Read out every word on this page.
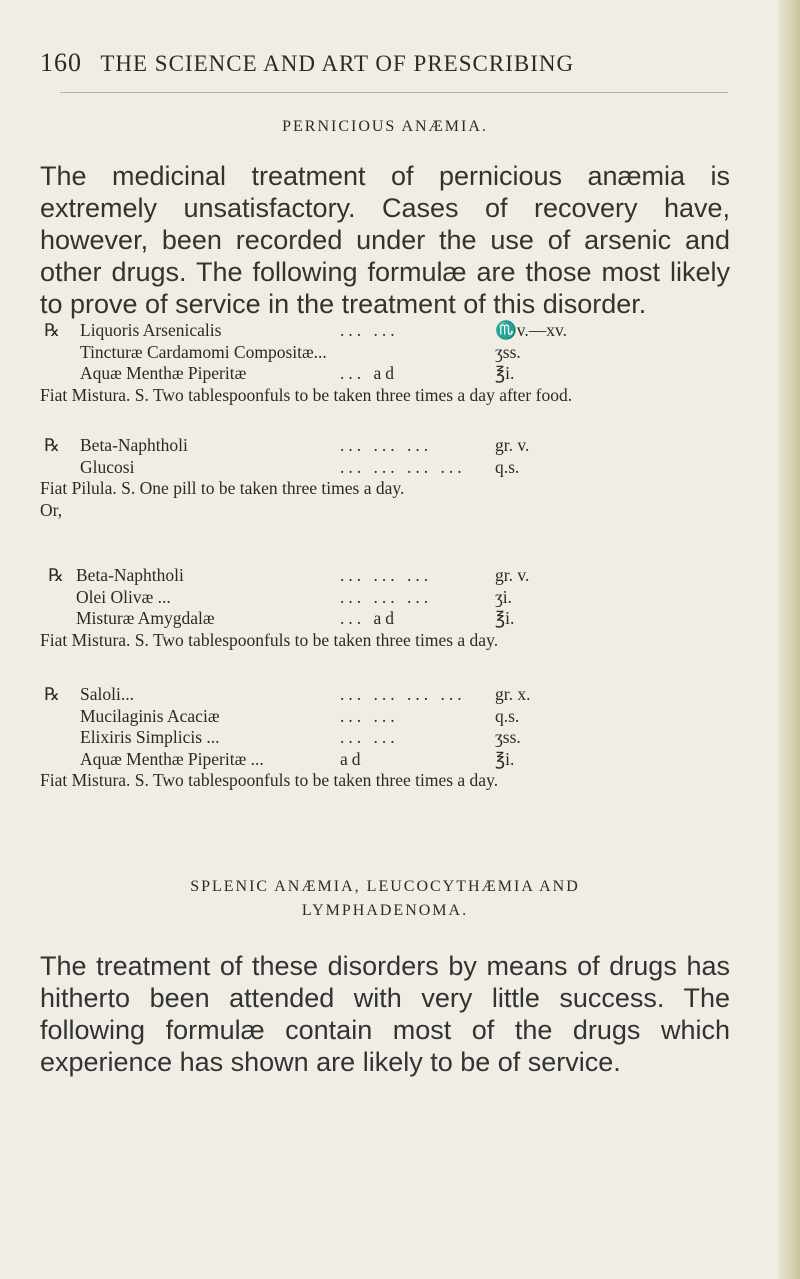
160 THE SCIENCE AND ART OF PRESCRIBING
PERNICIOUS ANÆMIA.
The medicinal treatment of pernicious anæmia is extremely unsatisfactory. Cases of recovery have, however, been recorded under the use of arsenic and other drugs. The following formulæ are those most likely to prove of service in the treatment of this disorder.
℞ Liquoris Arsenicalis	... ...	♏v.—xv.
Tincturæ Cardamomi Compositæ...	ʒss.
Aquæ Menthæ Piperitæ	... ad	℥i.
Fiat Mistura. S. Two tablespoonfuls to be taken three times a day after food.
℞ Beta-Naphtholi	... ... ...	gr. v.
Glucosi	... ... ... ...	q.s.
Fiat Pilula. S. One pill to be taken three times a day.
Or,
℞ Beta-Naphtholi	... ... ...	gr. v.
Olei Olivæ ...	... ... ...	ʒi.
Misturæ Amygdalæ	... ad	℥i.
Fiat Mistura. S. Two tablespoonfuls to be taken three times a day.
℞ Saloli...	... ... ... ...	gr. x.
Mucilaginis Acaciæ	... ...	q.s.
Elixiris Simplicis ...	... ...	ʒss.
Aquæ Menthæ Piperitæ ...	ad	℥i.
Fiat Mistura. S. Two tablespoonfuls to be taken three times a day.
SPLENIC ANÆMIA, LEUCOCYTHÆMIA AND
LYMPHADENOMA.
The treatment of these disorders by means of drugs has hitherto been attended with very little success. The following formulæ contain most of the drugs which experience has shown are likely to be of service.
